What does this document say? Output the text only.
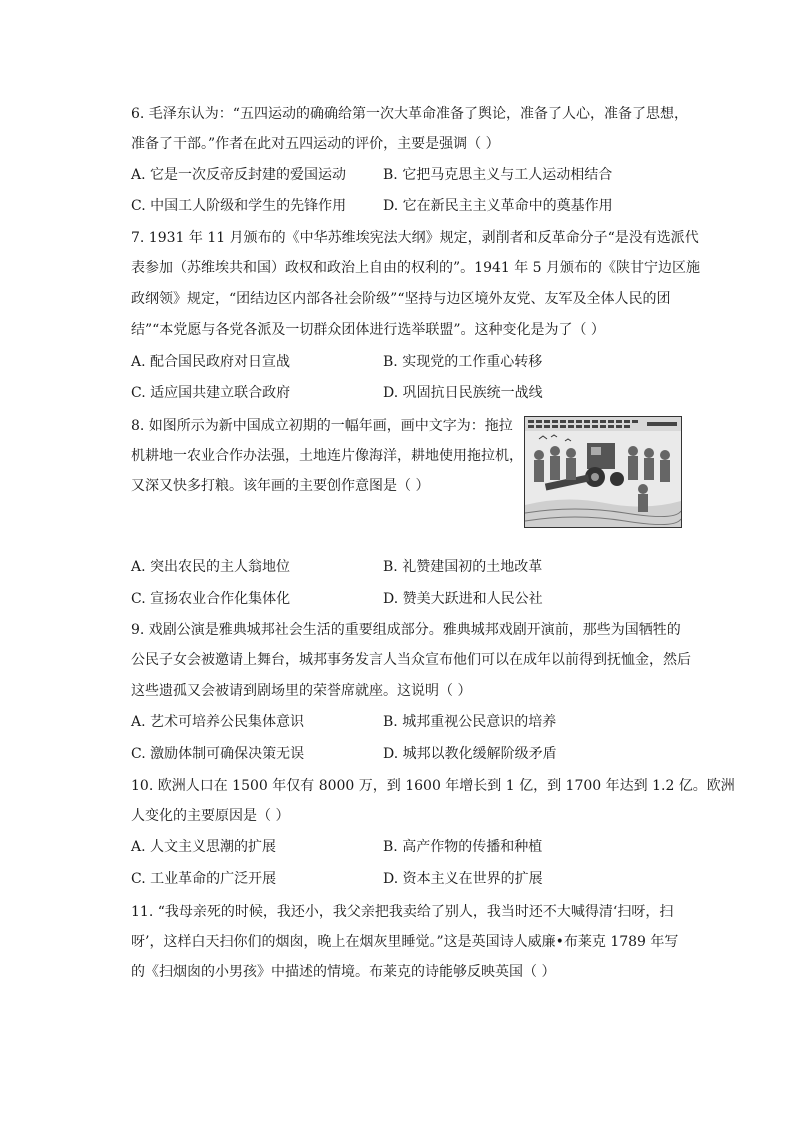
6. 毛泽东认为：“五四运动的确确给第一次大革命准备了舆论，准备了人心，准备了思想，
准备了干部。”作者在此对五四运动的评价，主要是强调（ ）
A. 它是一次反帝反封建的爱国运动	B. 它把马克思主义与工人运动相结合
C. 中国工人阶级和学生的先锋作用	D. 它在新民主主义革命中的奠基作用
7. 1931 年 11 月颁布的《中华苏维埃宪法大纲》规定，剥削者和反革命分子“是没有选派代
表参加（苏维埃共和国）政权和政治上自由的权利的”。1941 年 5 月颁布的《陕甘宁边区施
政纲领》规定，“团结边区内部各社会阶级”“坚持与边区境外友党、友军及全体人民的团
结”“本党愿与各党各派及一切群众团体进行选举联盟”。这种变化是为了（ ）
A. 配合国民政府对日宣战	B. 实现党的工作重心转移
C. 适应国共建立联合政府	D. 巩固抗日民族统一战线
8. 如图所示为新中国成立初期的一幅年画，画中文字为：拖拉
机耕地一农业合作办法强，土地连片像海洋，耕地使用拖拉机，
又深又快多打粮。该年画的主要创作意图是（ ）
A. 突出农民的主人翁地位	B. 礼赞建国初的土地改革
C. 宣扬农业合作化集体化	D. 赞美大跃进和人民公社
9. 戏剧公演是雅典城邦社会生活的重要组成部分。雅典城邦戏剧开演前，那些为国牺牲的
公民子女会被邀请上舞台，城邦事务发言人当众宣布他们可以在成年以前得到抚恤金，然后
这些遗孤又会被请到剧场里的荣誉席就座。这说明（ ）
A. 艺术可培养公民集体意识	B. 城邦重视公民意识的培养
C. 激励体制可确保决策无误	D. 城邦以教化缓解阶级矛盾
10. 欧洲人口在 1500 年仅有 8000 万，到 1600 年增长到 1 亿，到 1700 年达到 1.2 亿。欧洲
人变化的主要原因是（ ）
A. 人文主义思潮的扩展	B. 高产作物的传播和种植
C. 工业革命的广泛开展	D. 资本主义在世界的扩展
11. “我母亲死的时候，我还小，我父亲把我卖给了别人，我当时还不大喊得清‘扫呀，扫
呀’，这样白天扫你们的烟囱，晚上在烟灰里睡觉。”这是英国诗人威廉•布莱克 1789 年写
的《扫烟囱的小男孩》中描述的情境。布莱克的诗能够反映英国（ ）
